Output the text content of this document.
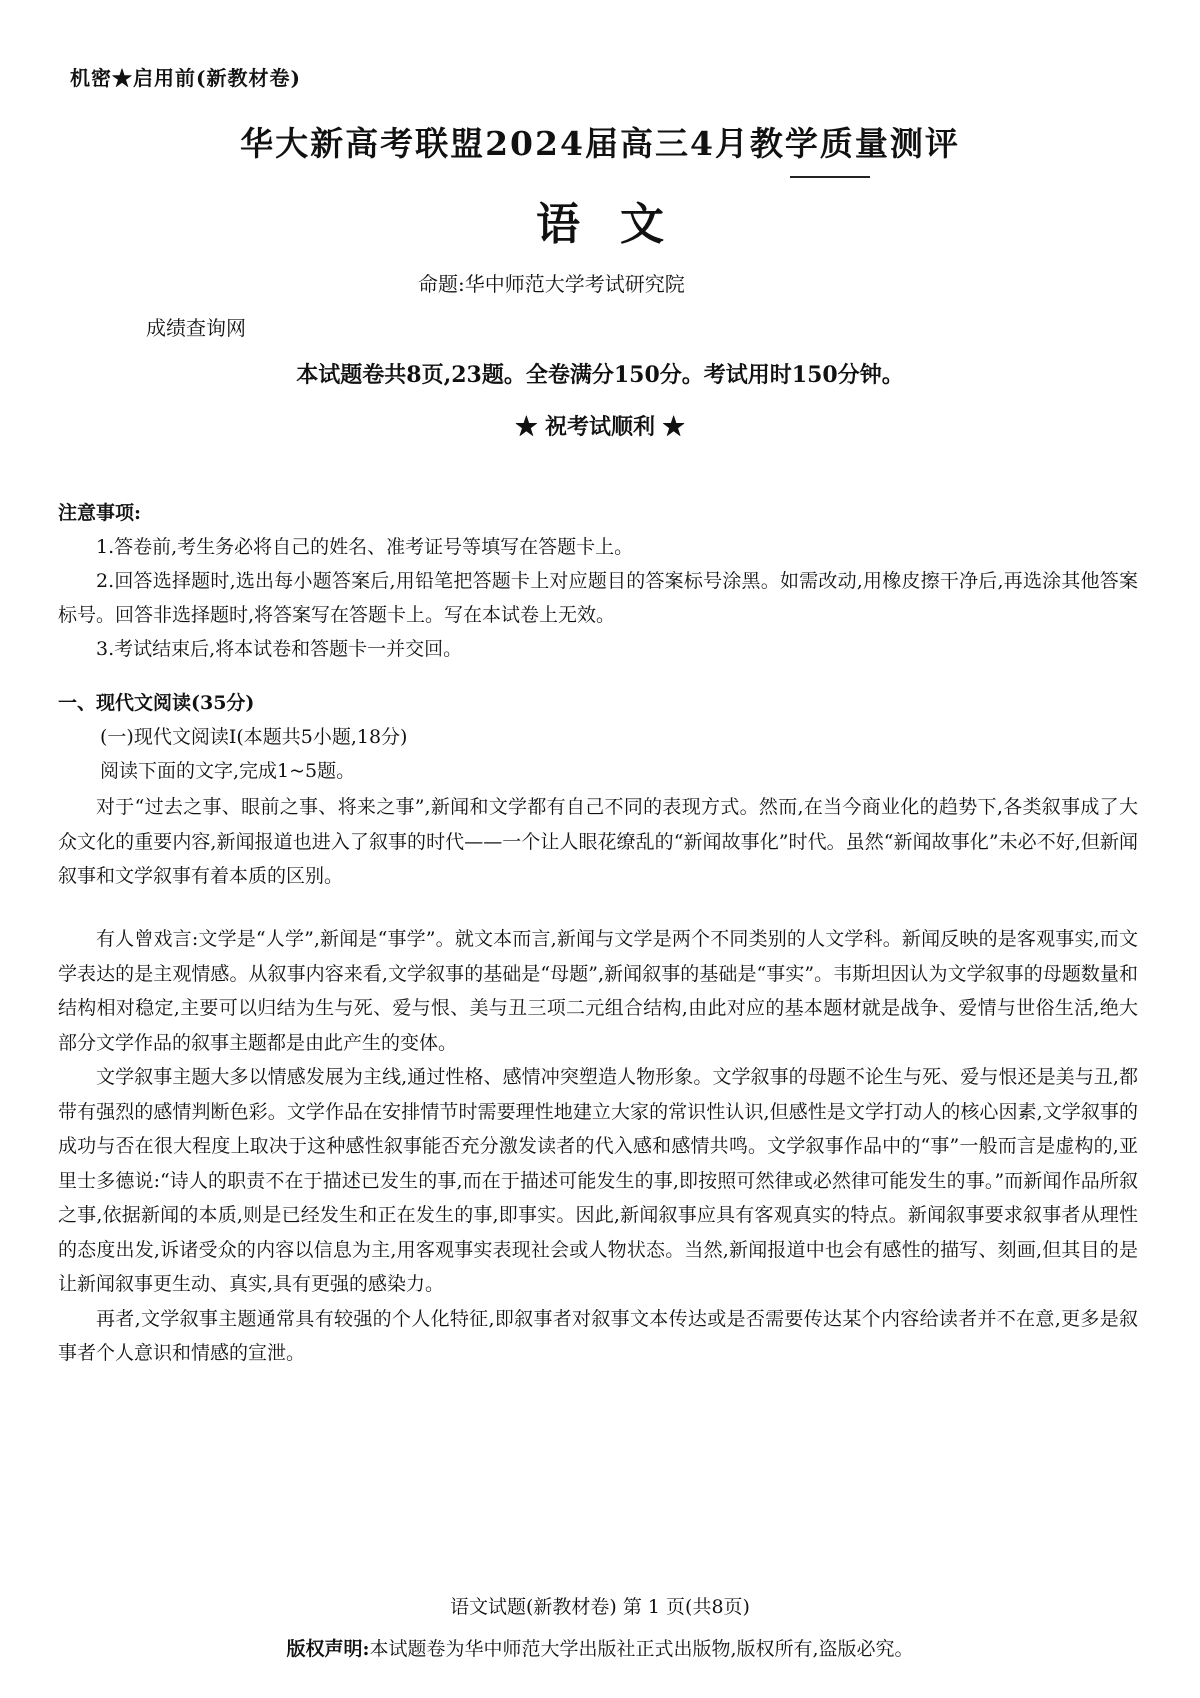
机密★启用前(新教材卷)
华大新高考联盟2024届高三4月教学质量测评
语文
命题:华中师范大学考试研究院
成绩查询网
本试题卷共8页,23题。全卷满分150分。考试用时150分钟。
★ 祝考试顺利 ★
注意事项:

1.答卷前,考生务必将自己的姓名、准考证号等填写在答题卡上。

2.回答选择题时,选出每小题答案后,用铅笔把答题卡上对应题目的答案标号涂黑。如需改动,用橡皮擦干净后,再选涂其他答案标号。回答非选择题时,将答案写在答题卡上。写在本试卷上无效。

3.考试结束后,将本试卷和答题卡一并交回。

一、现代文阅读(35分)
(一)现代文阅读Ⅰ(本题共5小题,18分)
阅读下面的文字,完成1~5题。

对于“过去之事、眼前之事、将来之事”,新闻和文学都有自己不同的表现方式。然而,在当今商业化的趋势下,各类叙事成了大众文化的重要内容,新闻报道也进入了叙事的时代——一个让人眼花缭乱的“新闻故事化”时代。虽然“新闻故事化”未必不好,但新闻叙事和文学叙事有着本质的区别。

有人曾戏言:文学是“人学”,新闻是“事学”。就文本而言,新闻与文学是两个不同类别的人文学科。新闻反映的是客观事实,而文学表达的是主观情感。从叙事内容来看,文学叙事的基础是“母题”,新闻叙事的基础是“事实”。韦斯坦因认为文学叙事的母题数量和结构相对稳定,主要可以归结为生与死、爱与恨、美与丑三项二元组合结构,由此对应的基本题材就是战争、爱情与世俗生活,绝大部分文学作品的叙事主题都是由此产生的变体。

文学叙事主题大多以情感发展为主线,通过性格、感情冲突塑造人物形象。文学叙事的母题不论生与死、爱与恨还是美与丑,都带有强烈的感情判断色彩。文学作品在安排情节时需要理性地建立大家的常识性认识,但感性是文学打动人的核心因素,文学叙事的成功与否在很大程度上取决于这种感性叙事能否充分激发读者的代入感和感情共鸣。文学叙事作品中的“事”一般而言是虚构的,亚里士多德说:“诗人的职责不在于描述已发生的事,而在于描述可能发生的事,即按照可然律或必然律可能发生的事。”而新闻作品所叙之事,依据新闻的本质,则是已经发生和正在发生的事,即事实。因此,新闻叙事应具有客观真实的特点。新闻叙事要求叙事者从理性的态度出发,诉诸受众的内容以信息为主,用客观事实表现社会或人物状态。当然,新闻报道中也会有感性的描写、刻画,但其目的是让新闻叙事更生动、真实,具有更强的感染力。

再者,文学叙事主题通常具有较强的个人化特征,即叙事者对叙事文本传达或是否需要传达某个内容给读者并不在意,更多是叙事者个人意识和情感的宣泄。

语文试题(新教材卷) 第 1 页(共8页)
版权声明:本试题卷为华中师范大学出版社正式出版物,版权所有,盗版必究。
